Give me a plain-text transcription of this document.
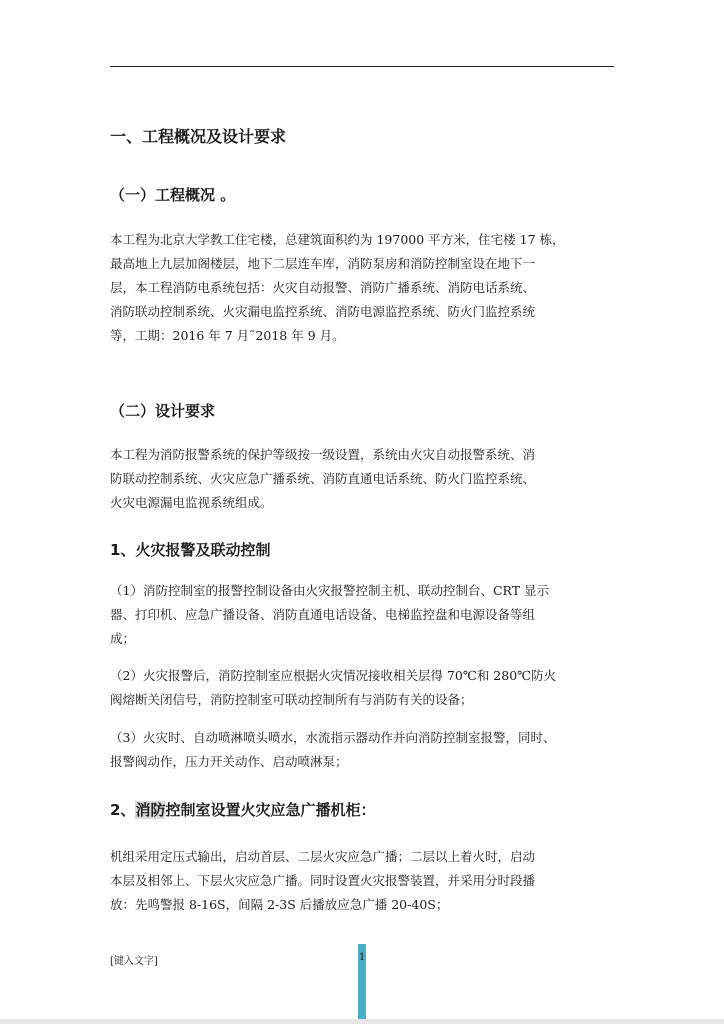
一、工程概况及设计要求
（一）工程概况 。
本工程为北京大学教工住宅楼，总建筑面积约为 197000 平方米，住宅楼 17 栋，
最高地上九层加阁楼层，地下二层连车库，消防泵房和消防控制室设在地下一
层，本工程消防电系统包括：火灾自动报警、消防广播系统、消防电话系统、
消防联动控制系统、火灾漏电监控系统、消防电源监控系统、防火门监控系统
等，工期：2016 年 7 月˜2018 年 9 月。
（二）设计要求
本工程为消防报警系统的保护等级按一级设置，系统由火灾自动报警系统、消
防联动控制系统、火灾应急广播系统、消防直通电话系统、防火门监控系统、
火灾电源漏电监视系统组成。
1、火灾报警及联动控制
（1）消防控制室的报警控制设备由火灾报警控制主机、联动控制台、CRT 显示
器、打印机、应急广播设备、消防直通电话设备、电梯监控盘和电源设备等组
成；
（2）火灾报警后，消防控制室应根据火灾情况接收相关层得 70℃和 280℃防火
阀熔断关闭信号，消防控制室可联动控制所有与消防有关的设备；
（3）火灾时、自动喷淋喷头喷水，水流指示器动作并向消防控制室报警，同时、
报警阀动作，压力开关动作、启动喷淋泵；
2、消防控制室设置火灾应急广播机柜：
机组采用定压式输出，启动首层、二层火灾应急广播；二层以上着火时，启动
本层及相邻上、下层火灾应急广播。同时设置火灾报警装置，并采用分时段播
放：先鸣警报 8-16S，间隔 2-3S 后播放应急广播 20-40S；
[键入文字]	1
